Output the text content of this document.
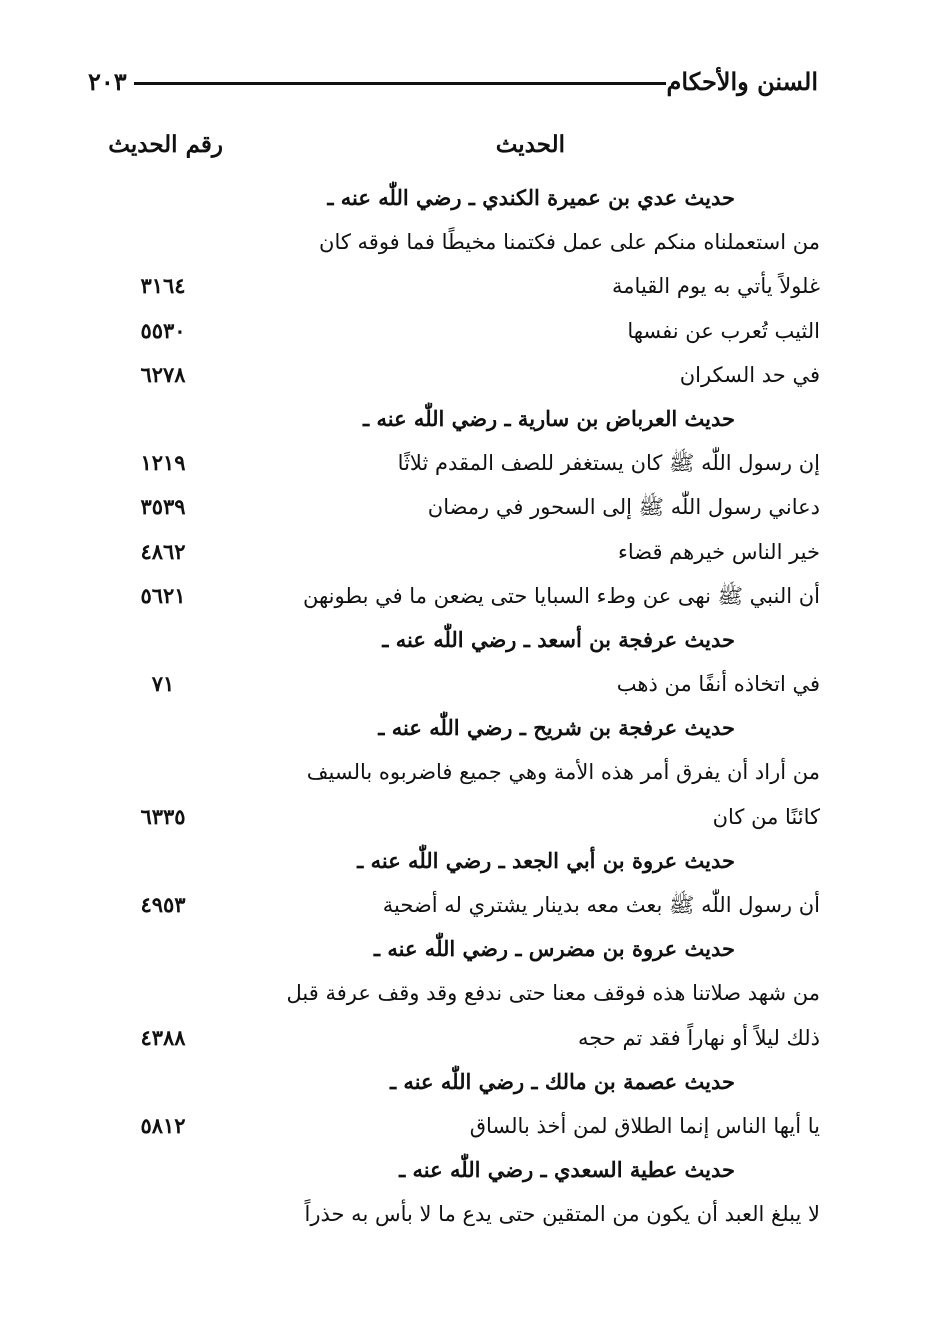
السنن والأحكام
٢٠٣
الحديث
رقم الحديث
حديث عدي بن عميرة الكندي ـ رضي اللّٰه عنه ـ
من استعملناه منكم على عمل فكتمنا مخيطًا فما فوقه كان
غلولاً يأتي به يوم القيامة
٣١٦٤
الثيب تُعرب عن نفسها
٥٥٣٠
في حد السكران
٦٢٧٨
حديث العرباض بن سارية ـ رضي اللّٰه عنه ـ
إن رسول اللّٰه ﷺ كان يستغفر للصف المقدم ثلاثًا
١٢١٩
دعاني رسول اللّٰه ﷺ إلى السحور في رمضان
٣٥٣٩
خير الناس خيرهم قضاء
٤٨٦٢
أن النبي ﷺ نهى عن وطء السبايا حتى يضعن ما في بطونهن
٥٦٢١
حديث عرفجة بن أسعد ـ رضي اللّٰه عنه ـ
في اتخاذه أنفًا من ذهب
٧١
حديث عرفجة بن شريح ـ رضي اللّٰه عنه ـ
من أراد أن يفرق أمر هذه الأمة وهي جميع فاضربوه بالسيف
كائنًا من كان
٦٣٣٥
حديث عروة بن أبي الجعد ـ رضي اللّٰه عنه ـ
أن رسول اللّٰه ﷺ بعث معه بدينار يشتري له أضحية
٤٩٥٣
حديث عروة بن مضرس ـ رضي اللّٰه عنه ـ
من شهد صلاتنا هذه فوقف معنا حتى ندفع وقد وقف عرفة قبل
ذلك ليلاً أو نهاراً فقد تم حجه
٤٣٨٨
حديث عصمة بن مالك ـ رضي اللّٰه عنه ـ
يا أيها الناس إنما الطلاق لمن أخذ بالساق
٥٨١٢
حديث عطية السعدي ـ رضي اللّٰه عنه ـ
لا يبلغ العبد أن يكون من المتقين حتى يدع ما لا بأس به حذراً
